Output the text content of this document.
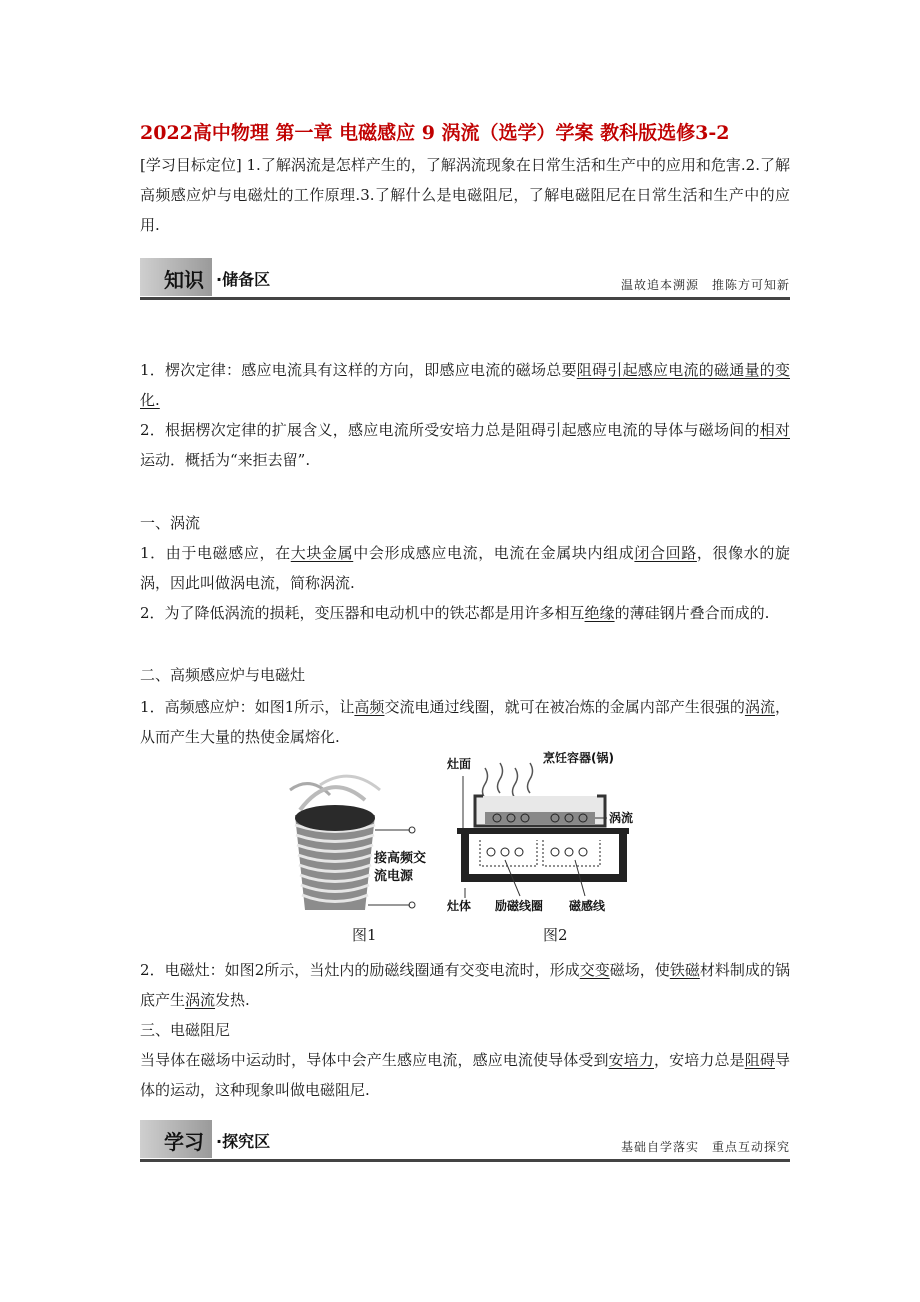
2022高中物理 第一章 电磁感应 9 涡流（选学）学案 教科版选修3-2
[学习目标定位] 1.了解涡流是怎样产生的，了解涡流现象在日常生活和生产中的应用和危害.2.了解高频感应炉与电磁灶的工作原理.3.了解什么是电磁阻尼，了解电磁阻尼在日常生活和生产中的应用.
知识 ·储备区	温故追本溯源　推陈方可知新
1．楞次定律：感应电流具有这样的方向，即感应电流的磁场总要阻碍引起感应电流的磁通量的变化.
2．根据楞次定律的扩展含义，感应电流所受安培力总是阻碍引起感应电流的导体与磁场间的相对运动．概括为“来拒去留”.
一、涡流
1．由于电磁感应，在大块金属中会形成感应电流，电流在金属块内组成闭合回路，很像水的旋涡，因此叫做涡电流，简称涡流.
2．为了降低涡流的损耗，变压器和电动机中的铁芯都是用许多相互绝缘的薄硅钢片叠合而成的.
二、高频感应炉与电磁灶
1．高频感应炉：如图1所示，让高频交流电通过线圈，就可在被冶炼的金属内部产生很强的涡流，从而产生大量的热使金属熔化.
接高频交
流电源
图1
灶面	烹饪容器(锅)
涡流
灶体 励磁线圈 磁感线
图2
2．电磁灶：如图2所示，当灶内的励磁线圈通有交变电流时，形成交变磁场，使铁磁材料制成的锅底产生涡流发热.
三、电磁阻尼
当导体在磁场中运动时，导体中会产生感应电流，感应电流使导体受到安培力，安培力总是阻碍导体的运动，这种现象叫做电磁阻尼.
学习 ·探究区	基础自学落实　重点互动探究
